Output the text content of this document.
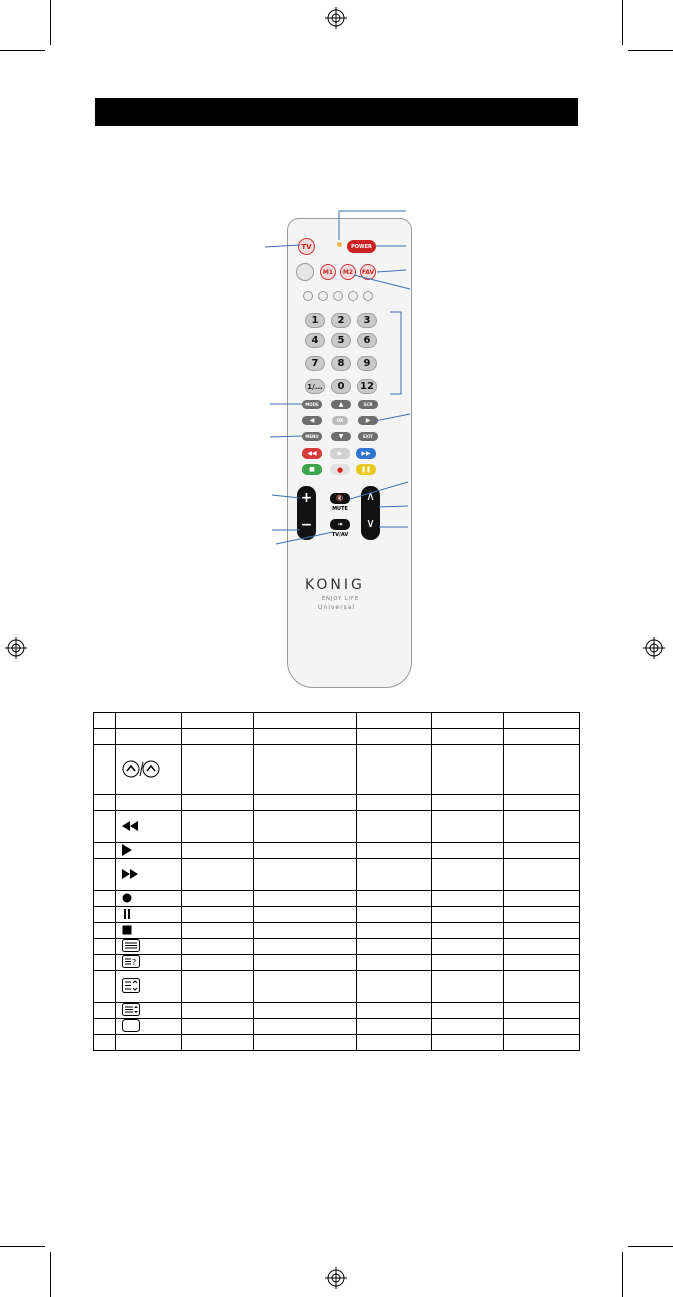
TV	POWER
M1 M2 FAV
1 2 3
4 5 6
7 8 9
1/... 0 12
MODE	▲	SCR
◀	OK	▶
MENU	▼	EXIT
◀◀	▶	▶▶
■	●	❚❚
+
−
∧
∨
🔇
MUTE
⇥
TV/AV
KONIG
ENJOY LIFE
Universal

?					
